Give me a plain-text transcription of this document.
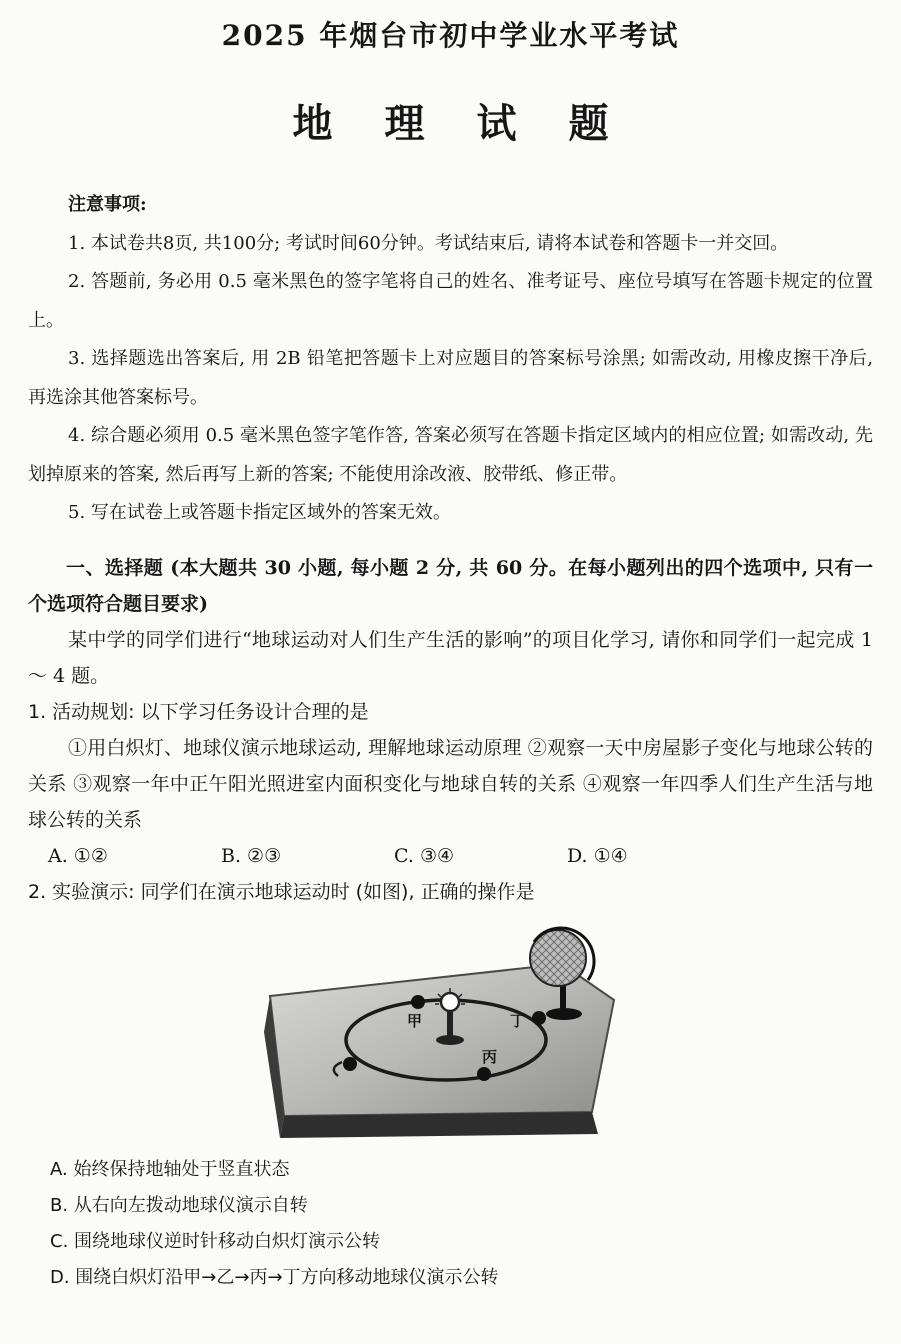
2025 年烟台市初中学业水平考试
地理试题
注意事项:

1. 本试卷共8页, 共100分; 考试时间60分钟。考试结束后, 请将本试卷和答题卡一并交回。

2. 答题前, 务必用 0.5 毫米黑色的签字笔将自己的姓名、准考证号、座位号填写在答题卡规定的位置上。

3. 选择题选出答案后, 用 2B 铅笔把答题卡上对应题目的答案标号涂黑; 如需改动, 用橡皮擦干净后, 再选涂其他答案标号。

4. 综合题必须用 0.5 毫米黑色签字笔作答, 答案必须写在答题卡指定区域内的相应位置; 如需改动, 先划掉原来的答案, 然后再写上新的答案; 不能使用涂改液、胶带纸、修正带。

5. 写在试卷上或答题卡指定区域外的答案无效。

一、选择题 (本大题共 30 小题, 每小题 2 分, 共 60 分。在每小题列出的四个选项中, 只有一个选项符合题目要求)

某中学的同学们进行“地球运动对人们生产生活的影响”的项目化学习, 请你和同学们一起完成 1 ～ 4 题。

1. 活动规划: 以下学习任务设计合理的是

①用白炽灯、地球仪演示地球运动, 理解地球运动原理 ②观察一天中房屋影子变化与地球公转的关系 ③观察一年中正午阳光照进室内面积变化与地球自转的关系 ④观察一年四季人们生产生活与地球公转的关系

A. ①②	B. ②③	C. ③④	D. ①④

2. 实验演示: 同学们在演示地球运动时 (如图), 正确的操作是

甲	丁
丙

A. 始终保持地轴处于竖直状态

B. 从右向左拨动地球仪演示自转

C. 围绕地球仪逆时针移动白炽灯演示公转

D. 围绕白炽灯沿甲→乙→丙→丁方向移动地球仪演示公转
